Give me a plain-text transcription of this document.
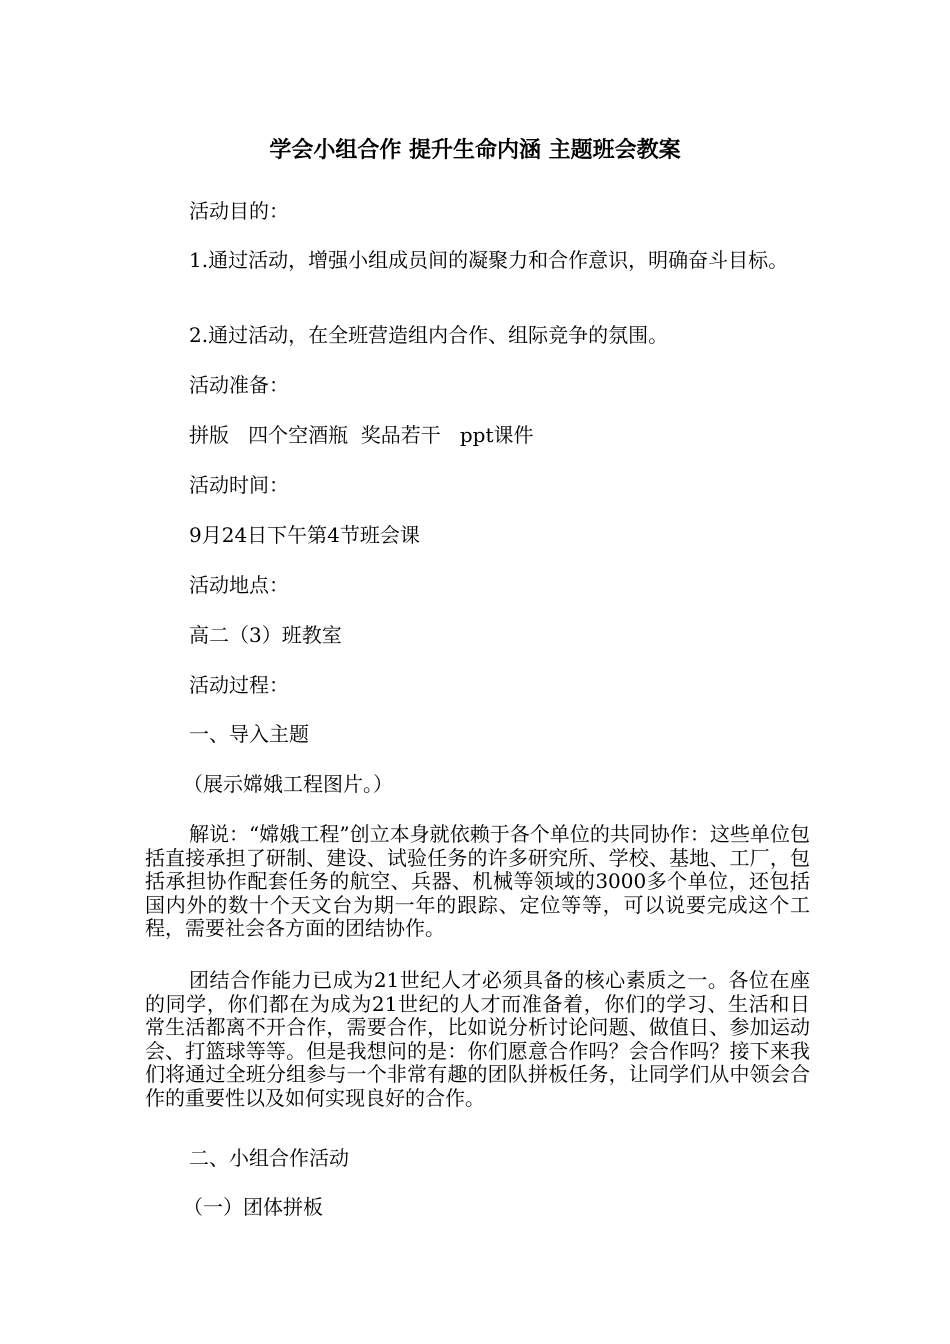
学会小组合作 提升生命内涵 主题班会教案

活动目的：

1.通过活动，增强小组成员间的凝聚力和合作意识，明确奋斗目标。

2.通过活动，在全班营造组内合作、组际竞争的氛围。

活动准备：

拼版   四个空酒瓶  奖品若干   ppt课件

活动时间：

9月24日下午第4节班会课

活动地点：

高二（3）班教室

活动过程：

一、导入主题

（展示嫦娥工程图片。）

解说：“嫦娥工程”创立本身就依赖于各个单位的共同协作：这些单位包括直接承担了研制、建设、试验任务的许多研究所、学校、基地、工厂，包括承担协作配套任务的航空、兵器、机械等领域的3000多个单位，还包括国内外的数十个天文台为期一年的跟踪、定位等等，可以说要完成这个工程，需要社会各方面的团结协作。

团结合作能力已成为21世纪人才必须具备的核心素质之一。各位在座的同学，你们都在为成为21世纪的人才而准备着，你们的学习、生活和日常生活都离不开合作，需要合作，比如说分析讨论问题、做值日、参加运动会、打篮球等等。但是我想问的是：你们愿意合作吗？会合作吗？接下来我们将通过全班分组参与一个非常有趣的团队拼板任务，让同学们从中领会合作的重要性以及如何实现良好的合作。

二、小组合作活动

（一）团体拼板
